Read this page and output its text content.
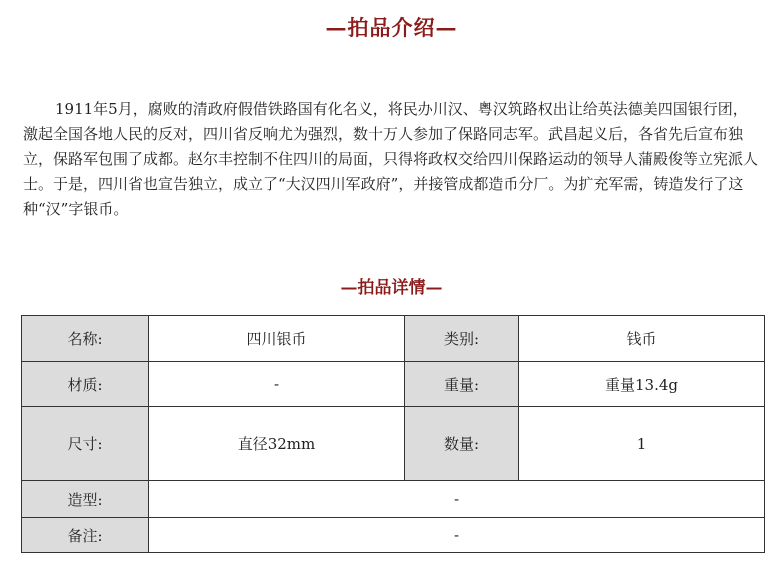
—拍品介绍—

1911年5月，腐败的清政府假借铁路国有化名义，将民办川汉、粤汉筑路权出让给英法德美四国银行团，激起全国各地人民的反对，四川省反响尤为强烈，数十万人参加了保路同志军。武昌起义后，各省先后宣布独立，保路军包围了成都。赵尔丰控制不住四川的局面，只得将政权交给四川保路运动的领导人蒲殿俊等立宪派人士。于是，四川省也宣告独立，成立了“大汉四川军政府”，并接管成都造币分厂。为扩充军需，铸造发行了这种“汉”字银币。

—拍品详情—
名称:	四川银币	类别:	钱币
材质:	-	重量:	重量13.4g
尺寸:	直径32mm	数量:	1
造型:	-		
备注:	-		
